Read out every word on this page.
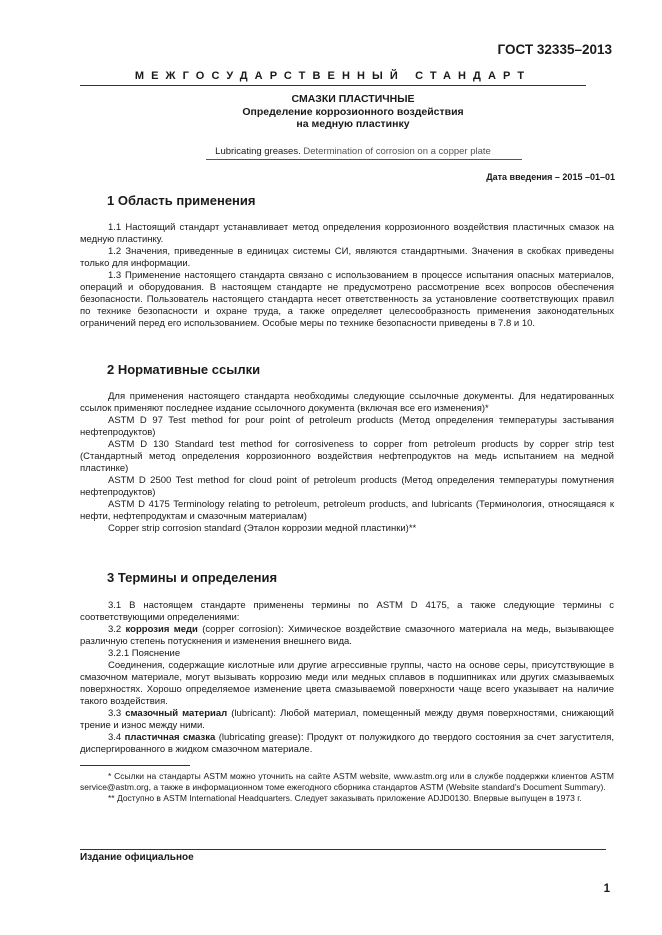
ГОСТ 32335–2013
МЕЖГОСУДАРСТВЕННЫЙ СТАНДАРТ
СМАЗКИ ПЛАСТИЧНЫЕ
Определение коррозионного воздействия
на медную пластинку
Lubricating greases. Determination of corrosion on a copper plate
Дата введения – 2015 –01–01
1 Область применения

1.1 Настоящий стандарт устанавливает метод определения коррозионного воздействия пластичных смазок на медную пластинку.

1.2 Значения, приведенные в единицах системы СИ, являются стандартными. Значения в скобках приведены только для информации.

1.3 Применение настоящего стандарта связано с использованием в процессе испытания опасных материалов, операций и оборудования. В настоящем стандарте не предусмотрено рассмотрение всех вопросов обеспечения безопасности. Пользователь настоящего стандарта несет ответственность за установление соответствующих правил по технике безопасности и охране труда, а также определяет целесообразность применения законодательных ограничений перед его использованием. Особые меры по технике безопасности приведены в 7.8 и 10.

2 Нормативные ссылки

Для применения настоящего стандарта необходимы следующие ссылочные документы. Для недатированных ссылок применяют последнее издание ссылочного документа (включая все его изменения)*

ASTM D 97 Test method for pour point of petroleum products (Метод определения температуры застывания нефтепродуктов)

ASTM D 130 Standard test method for corrosiveness to copper from petroleum products by copper strip test (Стандартный метод определения коррозионного воздействия нефтепродуктов на медь испытанием на медной пластинке)

ASTM D 2500 Test method for cloud point of petroleum products (Метод определения температуры помутнения нефтепродуктов)

ASTM D 4175 Terminology relating to petroleum, petroleum products, and lubricants (Терминология, относящаяся к нефти, нефтепродуктам и смазочным материалам)

Copper strip corrosion standard (Эталон коррозии медной пластинки)**

3 Термины и определения

3.1 В настоящем стандарте применены термины по ASTM D 4175, а также следующие термины с соответствующими определениями:

3.2 коррозия меди (copper corrosion): Химическое воздействие смазочного материала на медь, вызывающее различную степень потускнения и изменения внешнего вида.

3.2.1 Пояснение

Соединения, содержащие кислотные или другие агрессивные группы, часто на основе серы, присутствующие в смазочном материале, могут вызывать коррозию меди или медных сплавов в подшипниках или других смазываемых поверхностях. Хорошо определяемое изменение цвета смазываемой поверхности чаще всего указывает на наличие такого воздействия.

3.3 смазочный материал (lubricant): Любой материал, помещенный между двумя поверхностями, снижающий трение и износ между ними.

3.4 пластичная смазка (lubricating grease): Продукт от полужидкого до твердого состояния за счет загустителя, диспергированного в жидком смазочном материале.

* Ссылки на стандарты ASTM можно уточнить на сайте ASTM website, www.astm.org или в службе поддержки клиентов ASTM service@astm.org, а также в информационном томе ежегодного сборника стандартов ASTM (Website standard’s Document Summary).

** Доступно в ASTM International Headquarters. Следует заказывать приложение ADJD0130. Впервые выпущен в 1973 г.

Издание официальное
1
